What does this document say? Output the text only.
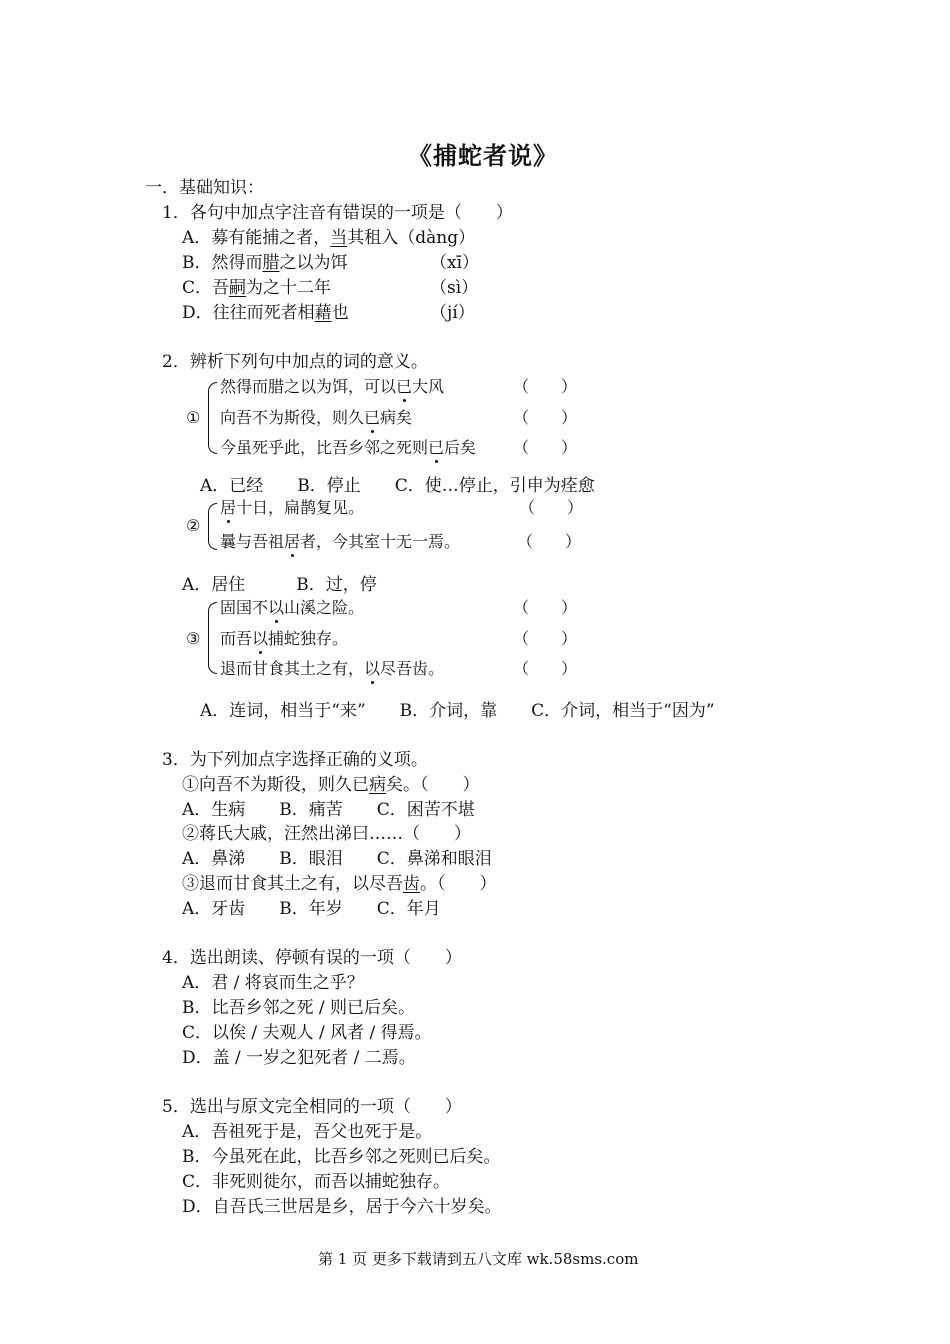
《捕蛇者说》
一．基础知识：
1．各句中加点字注音有错误的一项是（　　）
A．募有能捕之者，当其租入（dàng）
B．然得而腊之以为饵	（xī）
C．吾嗣为之十二年	（sì）
D．往往而死者相藉也	（jí）
2．辨析下列句中加点的词的意义。
①
然得而腊之以为饵，可以已大风	（　　）
向吾不为斯役，则久已病矣	（　　）
今虽死乎此，比吾乡邻之死则已后矣 （　　）
A．已经　　B．停止　　C．使…停止，引申为痊愈
②
居十日，扁鹊复见。	（　　）
曩与吾祖居者，今其室十无一焉。	（　　）
A．居住　　　B．过，停
③
固国不以山溪之险。	（　　）
而吾以捕蛇独存。	（　　）
退而甘食其土之有，以尽吾齿。	（　　）
A．连词，相当于“来”　　B．介词，靠　　C．介词，相当于“因为”
3．为下列加点字选择正确的义项。
①向吾不为斯役，则久已病矣。（　　）
A．生病　　B．痛苦　　C．困苦不堪
②蒋氏大戚，汪然出涕曰……（　　）
A．鼻涕　　B．眼泪　　C．鼻涕和眼泪
③退而甘食其土之有，以尽吾齿。（　　）
A．牙齿　　B．年岁　　C．年月
4．选出朗读、停顿有误的一项（　　）
A．君 / 将哀而生之乎？
B．比吾乡邻之死 / 则已后矣。
C．以俟 / 夫观人 / 风者 / 得焉。
D．盖 / 一岁之犯死者 / 二焉。
5．选出与原文完全相同的一项（　　）
A．吾祖死于是，吾父也死于是。
B．今虽死在此，比吾乡邻之死则已后矣。
C．非死则徙尔，而吾以捕蛇独存。
D．自吾氏三世居是乡，居于今六十岁矣。
第 1 页 更多下载请到五八文库 wk.58sms.com
